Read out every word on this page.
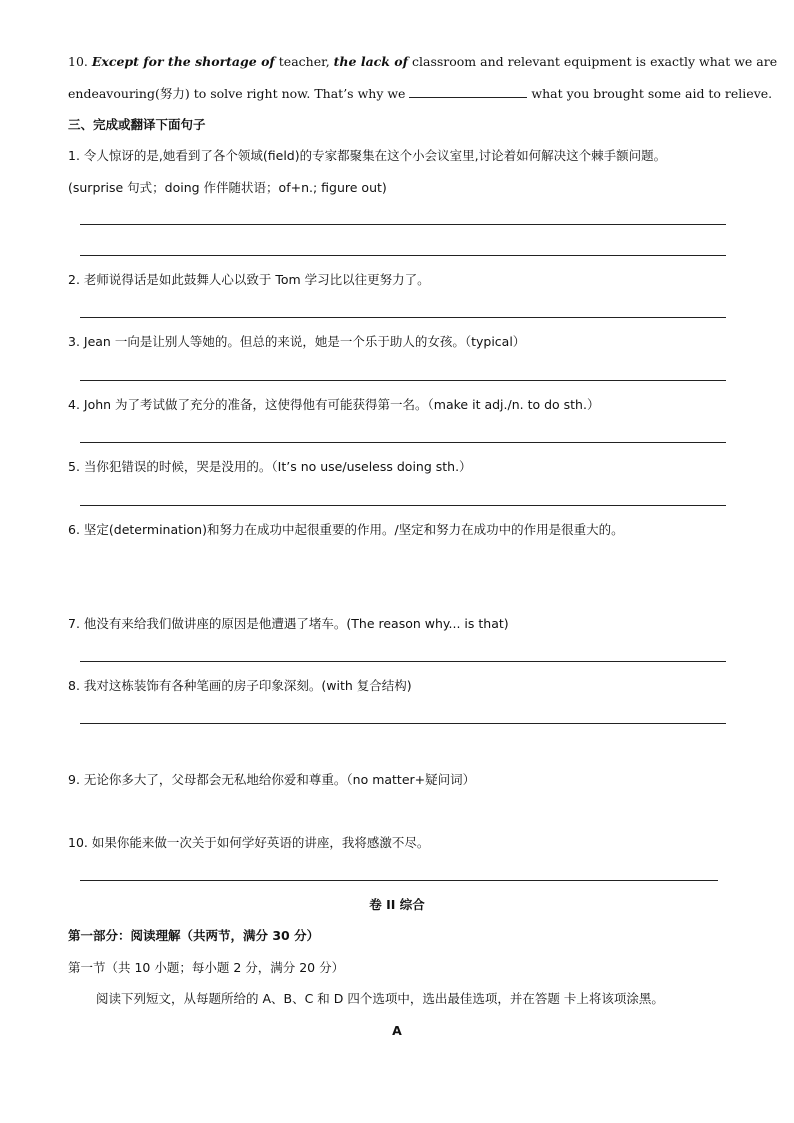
10. Except for the shortage of teacher, the lack of classroom and relevant equipment is exactly what we are
endeavouring(努力) to solve right now. That’s why we	what you brought some aid to relieve.
三、完成或翻译下面句子
1. 令人惊讶的是,她看到了各个领域(field)的专家都聚集在这个小会议室里,讨论着如何解决这个棘手额问题。
(surprise 句式；doing 作伴随状语；of+n.; figure out)
2. 老师说得话是如此鼓舞人心以致于 Tom 学习比以往更努力了。
3. Jean 一向是让别人等她的。但总的来说，她是一个乐于助人的女孩。（typical）
4. John 为了考试做了充分的准备，这使得他有可能获得第一名。（make it adj./n. to do sth.）
5. 当你犯错误的时候，哭是没用的。（It’s no use/useless doing sth.）
6. 坚定(determination)和努力在成功中起很重要的作用。/坚定和努力在成功中的作用是很重大的。
7. 他没有来给我们做讲座的原因是他遭遇了堵车。(The reason why... is that)
8. 我对这栋装饰有各种笔画的房子印象深刻。(with 复合结构)
9. 无论你多大了，父母都会无私地给你爱和尊重。（no matter+疑问词）
10. 如果你能来做一次关于如何学好英语的讲座，我将感激不尽。
卷 II 综合
第一部分：阅读理解（共两节，满分 30 分）
第一节（共 10 小题；每小题 2 分，满分 20 分）
阅读下列短文，从每题所给的 A、B、C 和 D 四个选项中，选出最佳选项，并在答题 卡上将该项涂黑。
A
